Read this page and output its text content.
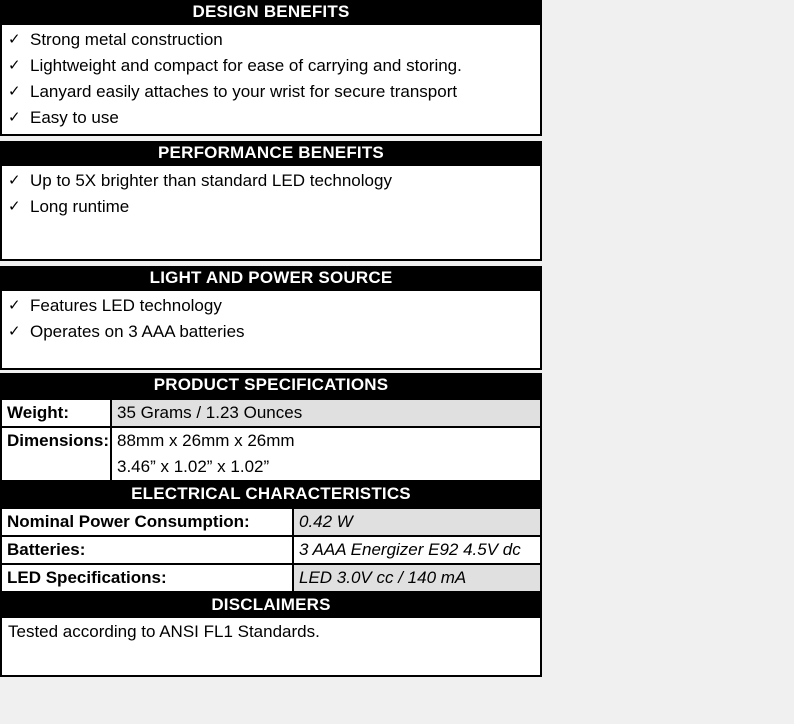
DESIGN BENEFITS
✓ Strong metal construction
✓ Lightweight and compact for ease of carrying and storing.
✓ Lanyard easily attaches to your wrist for secure transport
✓ Easy to use
PERFORMANCE BENEFITS
✓ Up to 5X brighter than standard LED technology
✓ Long runtime
LIGHT AND POWER SOURCE
✓ Features LED technology
✓ Operates on 3 AAA batteries
PRODUCT SPECIFICATIONS
Weight:	35 Grams / 1.23 Ounces
Dimensions:	88mm x 26mm x 26mm
3.46” x 1.02” x 1.02”
ELECTRICAL CHARACTERISTICS
Nominal Power Consumption:	0.42 W
Batteries:	3 AAA Energizer E92 4.5V dc
LED Specifications:	LED 3.0V cc / 140 mA
DISCLAIMERS
Tested according to ANSI FL1 Standards.
